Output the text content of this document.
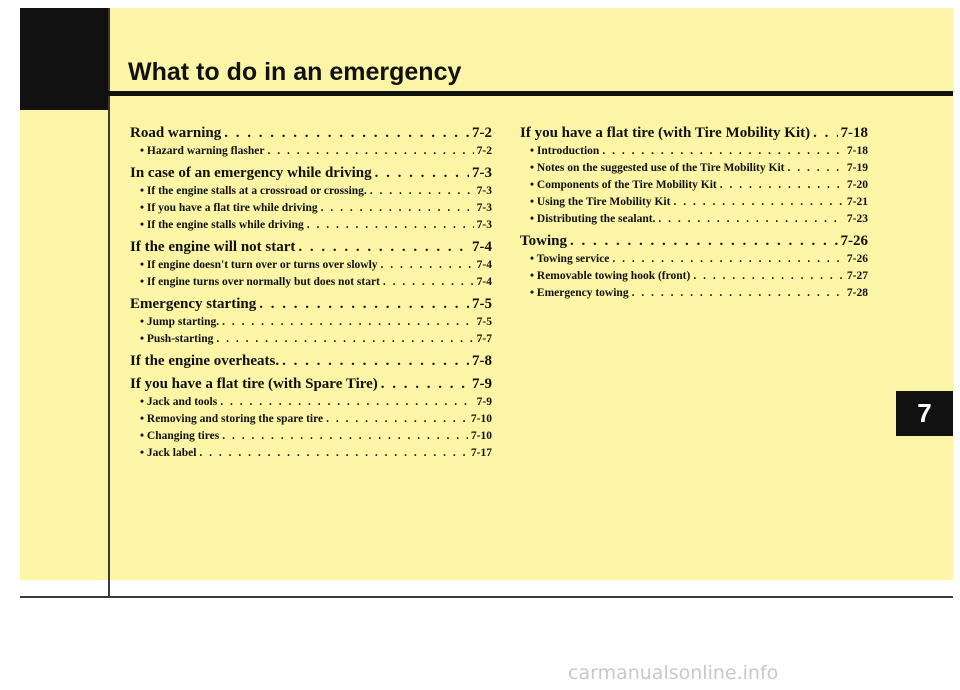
What to do in an emergency
Road warning . . .	7-2
• Hazard warning flasher . . .	7-2
In case of an emergency while driving . . .	7-3
• If the engine stalls at a crossroad or crossing. . . .	7-3
• If you have a flat tire while driving . . .	7-3
• If the engine stalls while driving . . .	7-3
If the engine will not start . . .	7-4
• If engine doesn't turn over or turns over slowly . . .	7-4
• If engine turns over normally but does not start . . .	7-4
Emergency starting . . .	7-5
• Jump starting. . . .	7-5
• Push-starting . . .	7-7
If the engine overheats. . . .	7-8
If you have a flat tire (with Spare Tire) . . .	7-9
• Jack and tools . . .	7-9
• Removing and storing the spare tire . . .	7-10
• Changing tires . . .	7-10
• Jack label . . .	7-17
If you have a flat tire (with Tire Mobility Kit) . . . 7-18
• Introduction . . .	7-18
• Notes on the suggested use of the Tire Mobility Kit . . .	7-19
• Components of the Tire Mobility Kit . . .	7-20
• Using the Tire Mobility Kit . . .	7-21
• Distributing the sealant. . . .	7-23
Towing . . .	7-26
• Towing service . . .	7-26
• Removable towing hook (front) . . .	7-27
• Emergency towing . . .	7-28
7
carmanualsonline.info
